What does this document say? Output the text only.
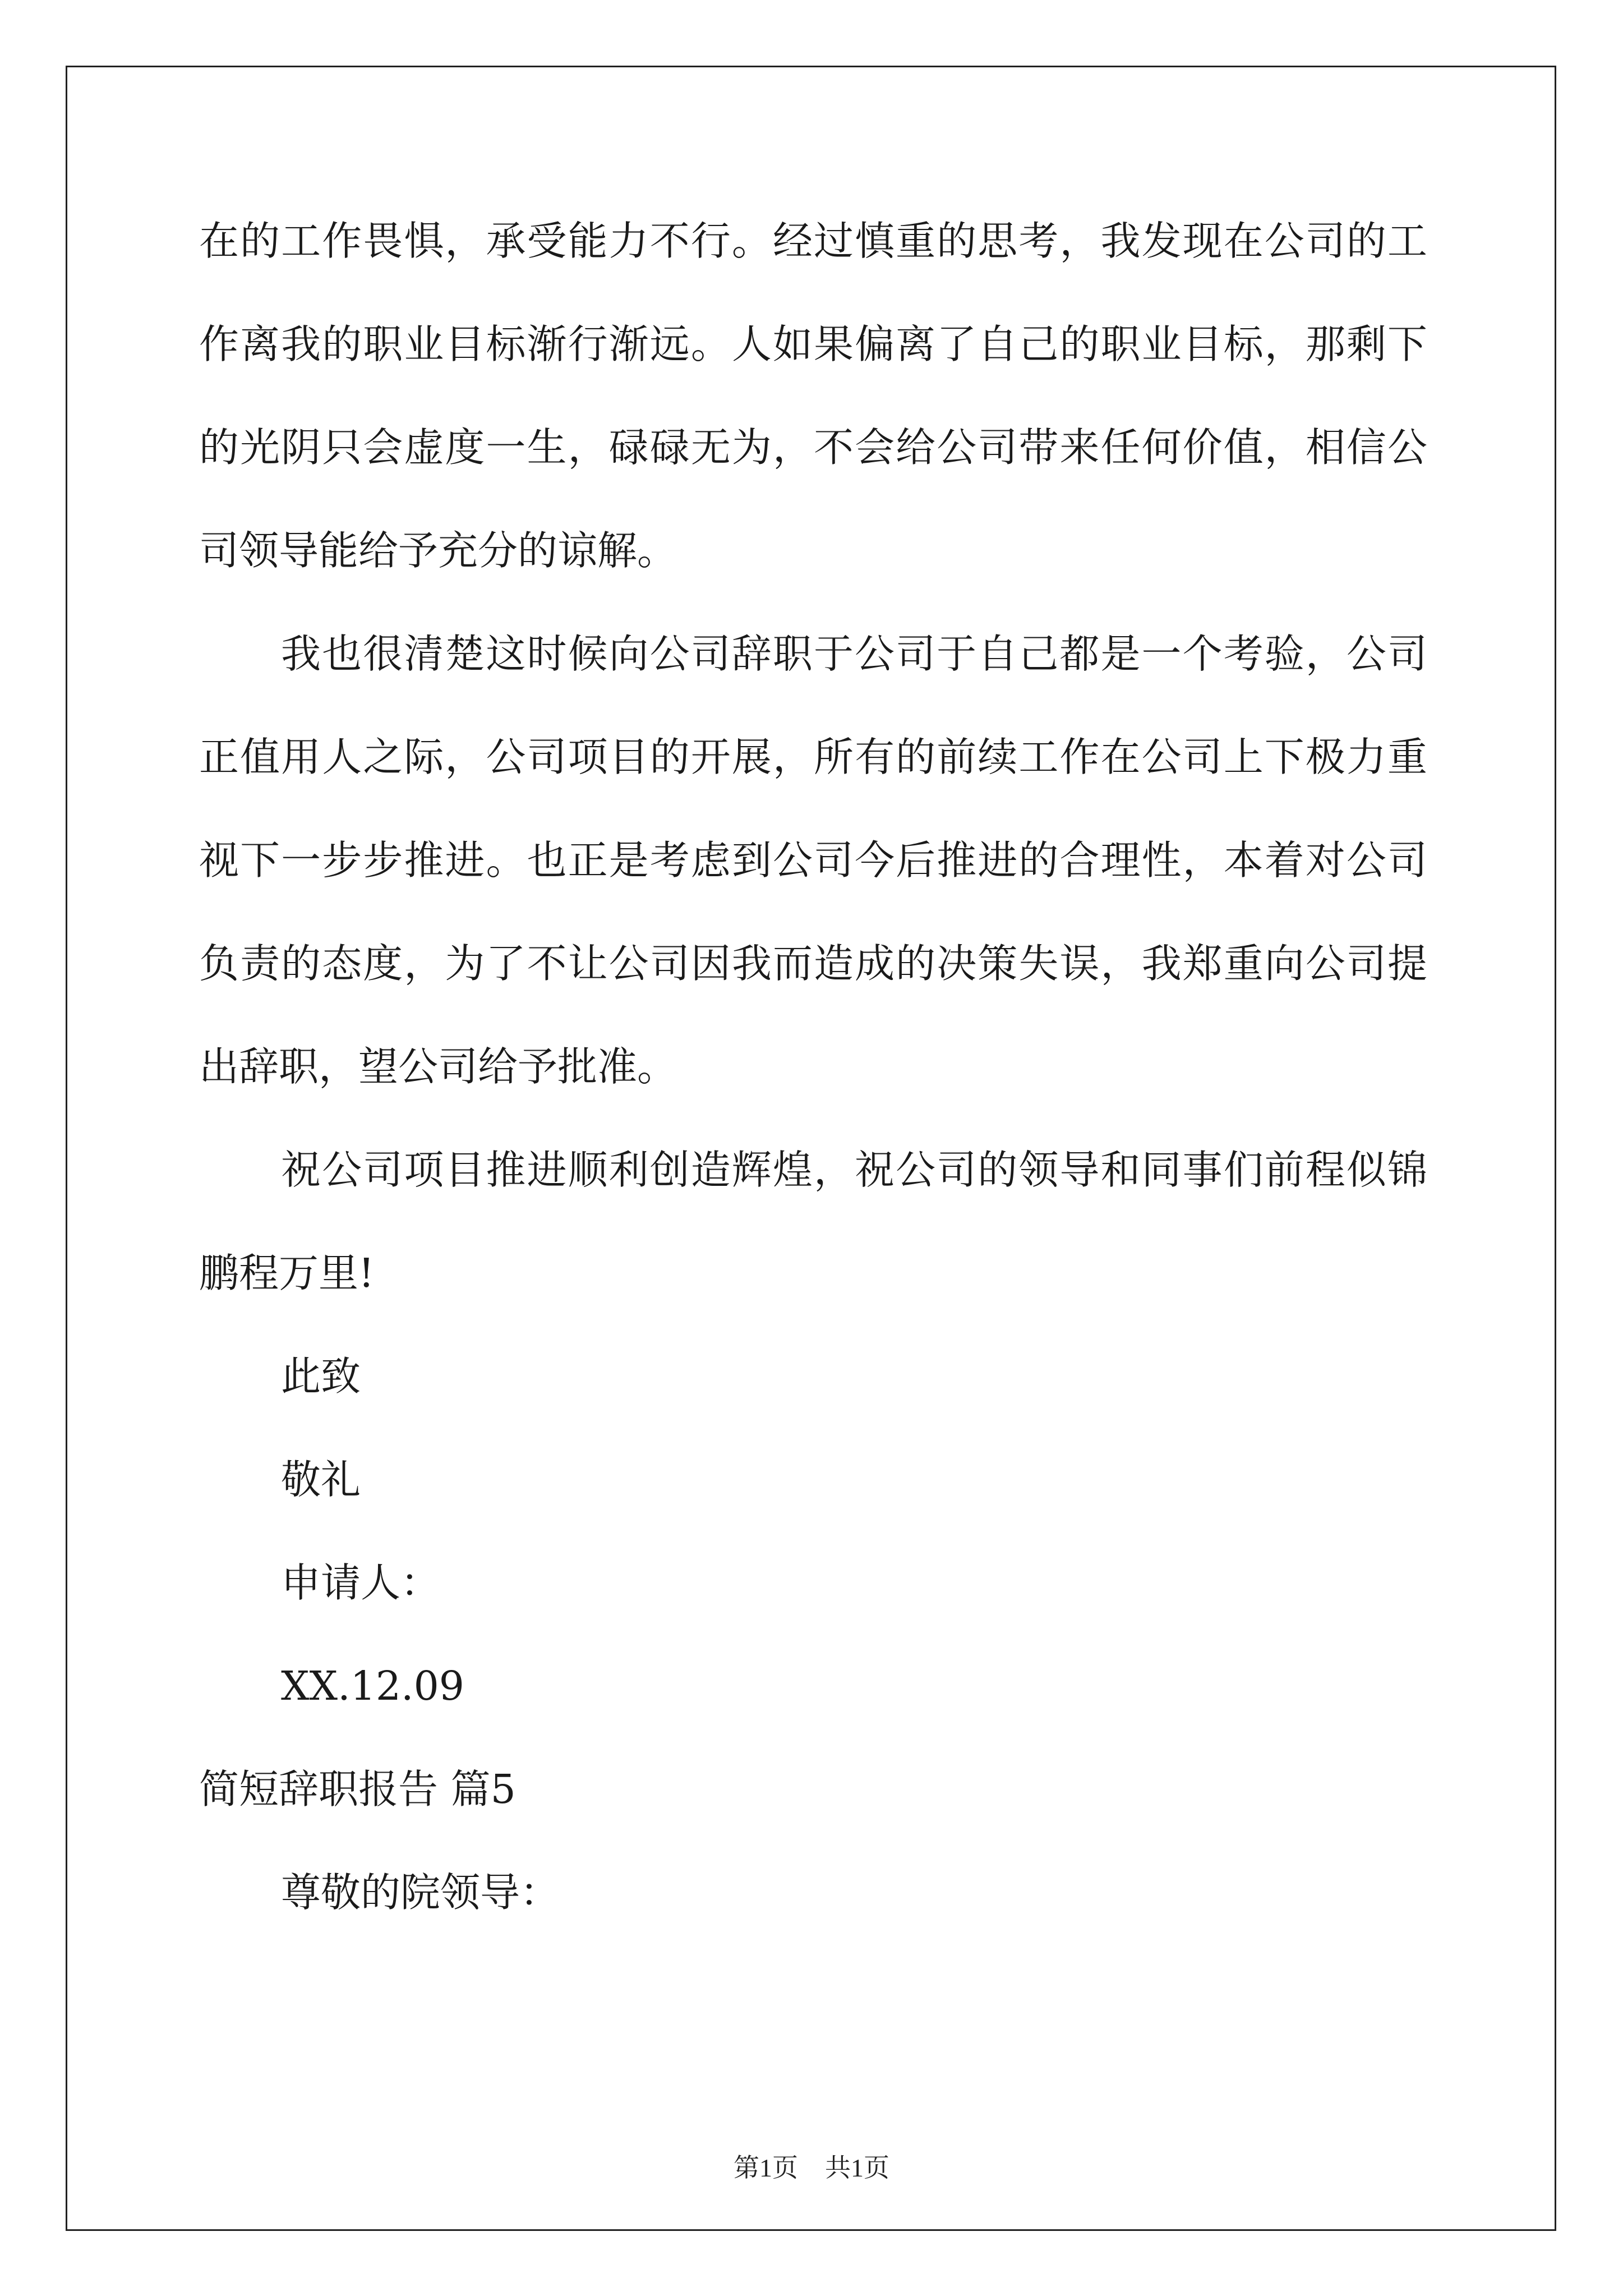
在的工作畏惧，承受能力不行。经过慎重的思考，我发现在公司的工
作离我的职业目标渐行渐远。人如果偏离了自己的职业目标，那剩下
的光阴只会虚度一生，碌碌无为，不会给公司带来任何价值，相信公
司领导能给予充分的谅解。
我也很清楚这时候向公司辞职于公司于自己都是一个考验，公司
正值用人之际，公司项目的开展，所有的前续工作在公司上下极力重
视下一步步推进。也正是考虑到公司今后推进的合理性，本着对公司
负责的态度，为了不让公司因我而造成的决策失误，我郑重向公司提
出辞职，望公司给予批准。
祝公司项目推进顺利创造辉煌，祝公司的领导和同事们前程似锦
鹏程万里!
此致
敬礼
申请人：
XX.12.09
简短辞职报告 篇5
尊敬的院领导：
第1页 共1页
